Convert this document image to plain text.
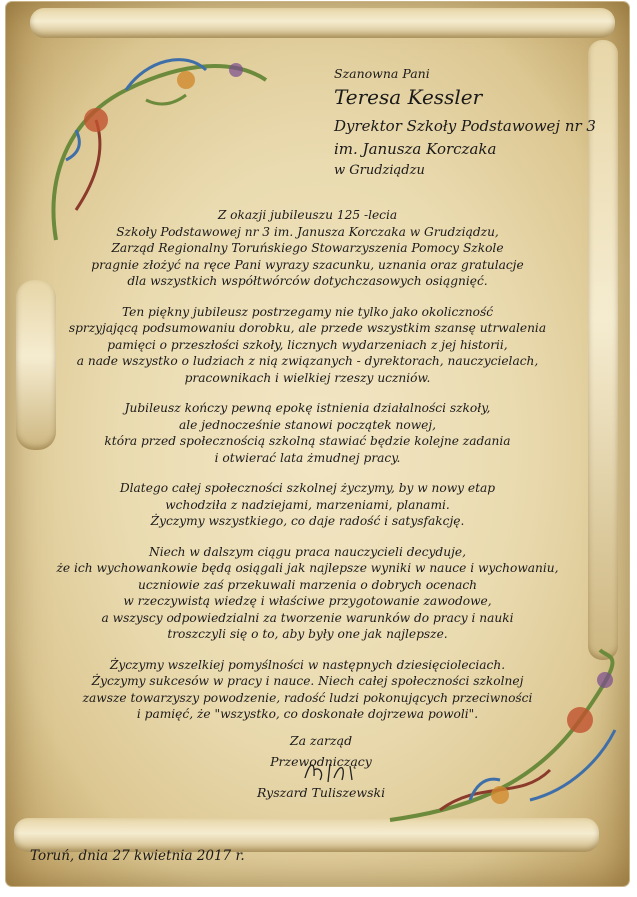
Szanowna Pani
Teresa Kessler
Dyrektor Szkoły Podstawowej nr 3
im. Janusza Korczaka
w Grudziądzu

Z okazji jubileuszu 125 -lecia
Szkoły Podstawowej nr 3 im. Janusza Korczaka w Grudziądzu,
Zarząd Regionalny Toruńskiego Stowarzyszenia Pomocy Szkole
pragnie złożyć na ręce Pani wyrazy szacunku, uznania oraz gratulacje
dla wszystkich współtwórców dotychczasowych osiągnięć.

Ten piękny jubileusz postrzegamy nie tylko jako okoliczność
sprzyjającą podsumowaniu dorobku, ale przede wszystkim szansę utrwalenia
pamięci o przeszłości szkoły, licznych wydarzeniach z jej historii,
a nade wszystko o ludziach z nią związanych - dyrektorach, nauczycielach,
pracownikach i wielkiej rzeszy uczniów.

Jubileusz kończy pewną epokę istnienia działalności szkoły,
ale jednocześnie stanowi początek nowej,
która przed społecznością szkolną stawiać będzie kolejne zadania
i otwierać lata żmudnej pracy.

Dlatego całej społeczności szkolnej życzymy, by w nowy etap
wchodziła z nadziejami, marzeniami, planami.
Życzymy wszystkiego, co daje radość i satysfakcję.

Niech w dalszym ciągu praca nauczycieli decyduje,
że ich wychowankowie będą osiągali jak najlepsze wyniki w nauce i wychowaniu,
uczniowie zaś przekuwali marzenia o dobrych ocenach
w rzeczywistą wiedzę i właściwe przygotowanie zawodowe,
a wszyscy odpowiedzialni za tworzenie warunków do pracy i nauki
troszczyli się o to, aby były one jak najlepsze.

Życzymy wszelkiej pomyślności w następnych dziesięcioleciach.
Życzymy sukcesów w pracy i nauce. Niech całej społeczności szkolnej
zawsze towarzyszy powodzenie, radość ludzi pokonujących przeciwności
i pamięć, że "wszystko, co doskonałe dojrzewa powoli".

Za zarząd
Przewodniczący
Ryszard Tuliszewski
Toruń, dnia 27 kwietnia 2017 r.
